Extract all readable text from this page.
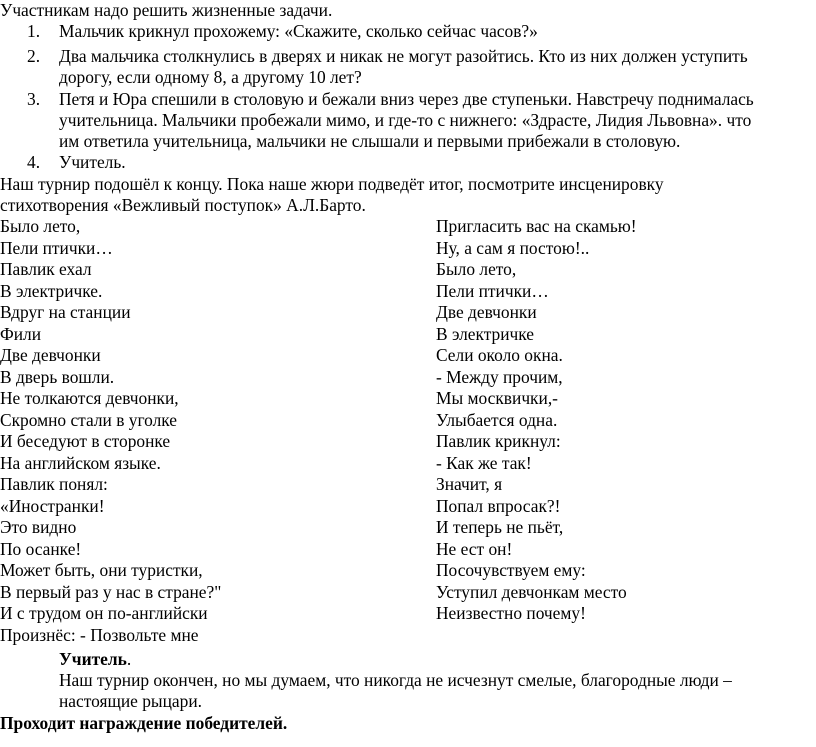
Участникам надо решить жизненные задачи.
1. Мальчик крикнул прохожему: «Скажите, сколько сейчас часов?»
2. Два мальчика столкнулись в дверях и никак не могут разойтись. Кто из них должен уступить
дорогу, если одному 8, а другому 10 лет?
3. Петя и Юра спешили в столовую и бежали вниз через две ступеньки. Навстречу поднималась
учительница. Мальчики пробежали мимо, и где-то с нижнего: «Здрасте, Лидия Львовна». что
им ответила учительница, мальчики не слышали и первыми прибежали в столовую.
4. Учитель.
Наш турнир подошёл к концу. Пока наше жюри подведёт итог, посмотрите инсценировку
стихотворения «Вежливый поступок» А.Л.Барто.
Было лето,
Пели птички…
Павлик ехал
В электричке.
Вдруг на станции
Фили
Две девчонки
В дверь вошли.
Не толкаются девчонки,
Скромно стали в уголке
И беседуют в сторонке
На английском языке.
Павлик понял:
«Иностранки!
Это видно
По осанке!
Может быть, они туристки,
В первый раз у нас в стране?"
И с трудом он по-английски
Произнёс: - Позвольте мне
Пригласить вас на скамью!
Ну, а сам я постою!..
Было лето,
Пели птички…
Две девчонки
В электричке
Сели около окна.
- Между прочим,
Мы москвички,-
Улыбается одна.
Павлик крикнул:
- Как же так!
Значит, я
Попал впросак?!
И теперь не пьёт,
Не ест он!
Посочувствуем ему:
Уступил девчонкам место
Неизвестно почему!
Учитель.
Наш турнир окончен, но мы думаем, что никогда не исчезнут смелые, благородные люди –
настоящие рыцари.
Проходит награждение победителей.
